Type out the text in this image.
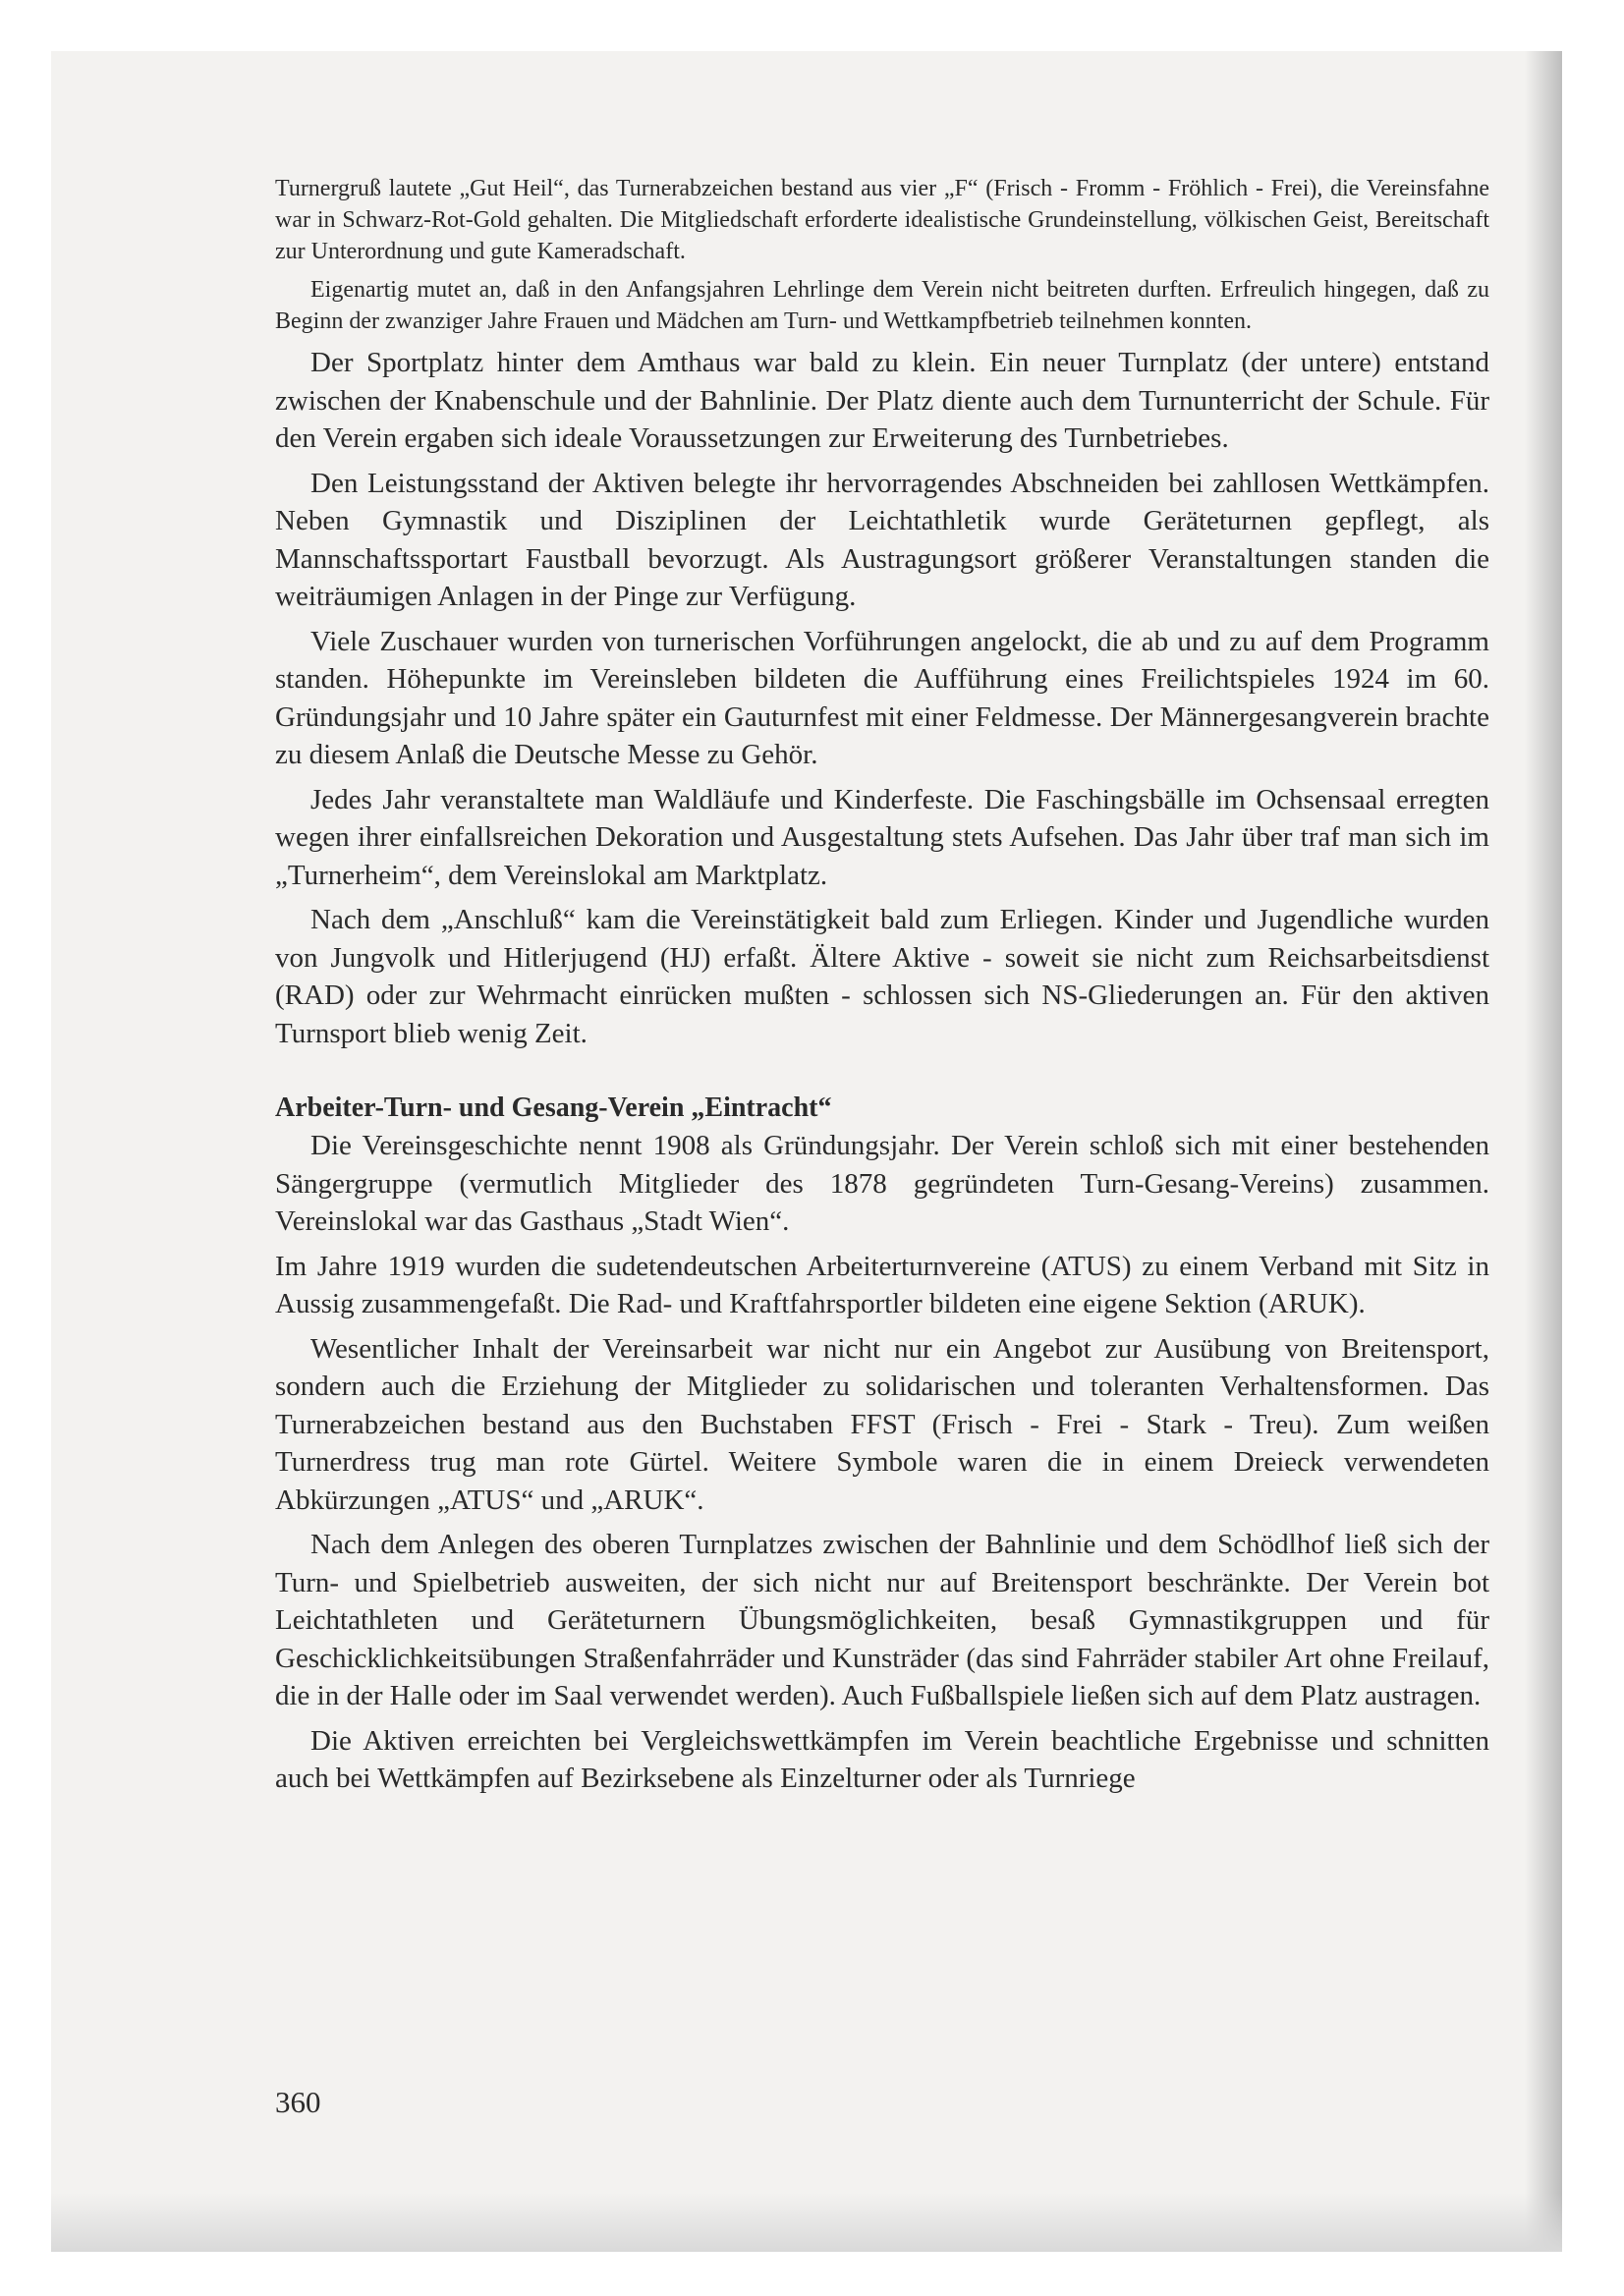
Turnergruß lautete „Gut Heil“, das Turnerabzeichen bestand aus vier „F“ (Frisch - Fromm - Fröhlich - Frei), die Vereinsfahne war in Schwarz-Rot-Gold gehalten. Die Mitgliedschaft erforderte idealistische Grundeinstellung, völkischen Geist, Bereitschaft zur Unterordnung und gute Kameradschaft.

Eigenartig mutet an, daß in den Anfangsjahren Lehrlinge dem Verein nicht beitreten durften. Erfreulich hingegen, daß zu Beginn der zwanziger Jahre Frauen und Mädchen am Turn- und Wettkampfbetrieb teilnehmen konnten.

Der Sportplatz hinter dem Amthaus war bald zu klein. Ein neuer Turnplatz (der untere) entstand zwischen der Knabenschule und der Bahnlinie. Der Platz diente auch dem Turnunterricht der Schule. Für den Verein ergaben sich ideale Voraussetzungen zur Erweiterung des Turnbetriebes.

Den Leistungsstand der Aktiven belegte ihr hervorragendes Abschneiden bei zahllosen Wettkämpfen. Neben Gymnastik und Disziplinen der Leichtathletik wurde Geräteturnen gepflegt, als Mannschaftssportart Faustball bevorzugt. Als Austragungsort größerer Veranstaltungen standen die weiträumigen Anlagen in der Pinge zur Verfügung.

Viele Zuschauer wurden von turnerischen Vorführungen angelockt, die ab und zu auf dem Programm standen. Höhepunkte im Vereinsleben bildeten die Aufführung eines Freilichtspieles 1924 im 60. Gründungsjahr und 10 Jahre später ein Gauturnfest mit einer Feldmesse. Der Männergesangverein brachte zu diesem Anlaß die Deutsche Messe zu Gehör.

Jedes Jahr veranstaltete man Waldläufe und Kinderfeste. Die Faschingsbälle im Ochsensaal erregten wegen ihrer einfallsreichen Dekoration und Ausgestaltung stets Aufsehen. Das Jahr über traf man sich im „Turnerheim“, dem Vereinslokal am Marktplatz.

Nach dem „Anschluß“ kam die Vereinstätigkeit bald zum Erliegen. Kinder und Jugendliche wurden von Jungvolk und Hitlerjugend (HJ) erfaßt. Ältere Aktive - soweit sie nicht zum Reichsarbeitsdienst (RAD) oder zur Wehrmacht einrücken mußten - schlossen sich NS-Gliederungen an. Für den aktiven Turnsport blieb wenig Zeit.

Arbeiter-Turn- und Gesang-Verein „Eintracht“

Die Vereinsgeschichte nennt 1908 als Gründungsjahr. Der Verein schloß sich mit einer bestehenden Sängergruppe (vermutlich Mitglieder des 1878 gegründeten Turn-Gesang-Vereins) zusammen. Vereinslokal war das Gasthaus „Stadt Wien“.

Im Jahre 1919 wurden die sudetendeutschen Arbeiterturnvereine (ATUS) zu einem Verband mit Sitz in Aussig zusammengefaßt. Die Rad- und Kraftfahrsportler bildeten eine eigene Sektion (ARUK).

Wesentlicher Inhalt der Vereinsarbeit war nicht nur ein Angebot zur Ausübung von Breitensport, sondern auch die Erziehung der Mitglieder zu solidarischen und toleranten Verhaltensformen. Das Turnerabzeichen bestand aus den Buchstaben FFST (Frisch - Frei - Stark - Treu). Zum weißen Turnerdress trug man rote Gürtel. Weitere Symbole waren die in einem Dreieck verwendeten Abkürzungen „ATUS“ und „ARUK“.

Nach dem Anlegen des oberen Turnplatzes zwischen der Bahnlinie und dem Schödlhof ließ sich der Turn- und Spielbetrieb ausweiten, der sich nicht nur auf Breitensport beschränkte. Der Verein bot Leichtathleten und Geräteturnern Übungsmöglichkeiten, besaß Gymnastikgruppen und für Geschicklichkeitsübungen Straßenfahrräder und Kunsträder (das sind Fahrräder stabiler Art ohne Freilauf, die in der Halle oder im Saal verwendet werden). Auch Fußballspiele ließen sich auf dem Platz austragen.

Die Aktiven erreichten bei Vergleichswettkämpfen im Verein beachtliche Ergebnisse und schnitten auch bei Wettkämpfen auf Bezirksebene als Einzelturner oder als Turnriege

360
